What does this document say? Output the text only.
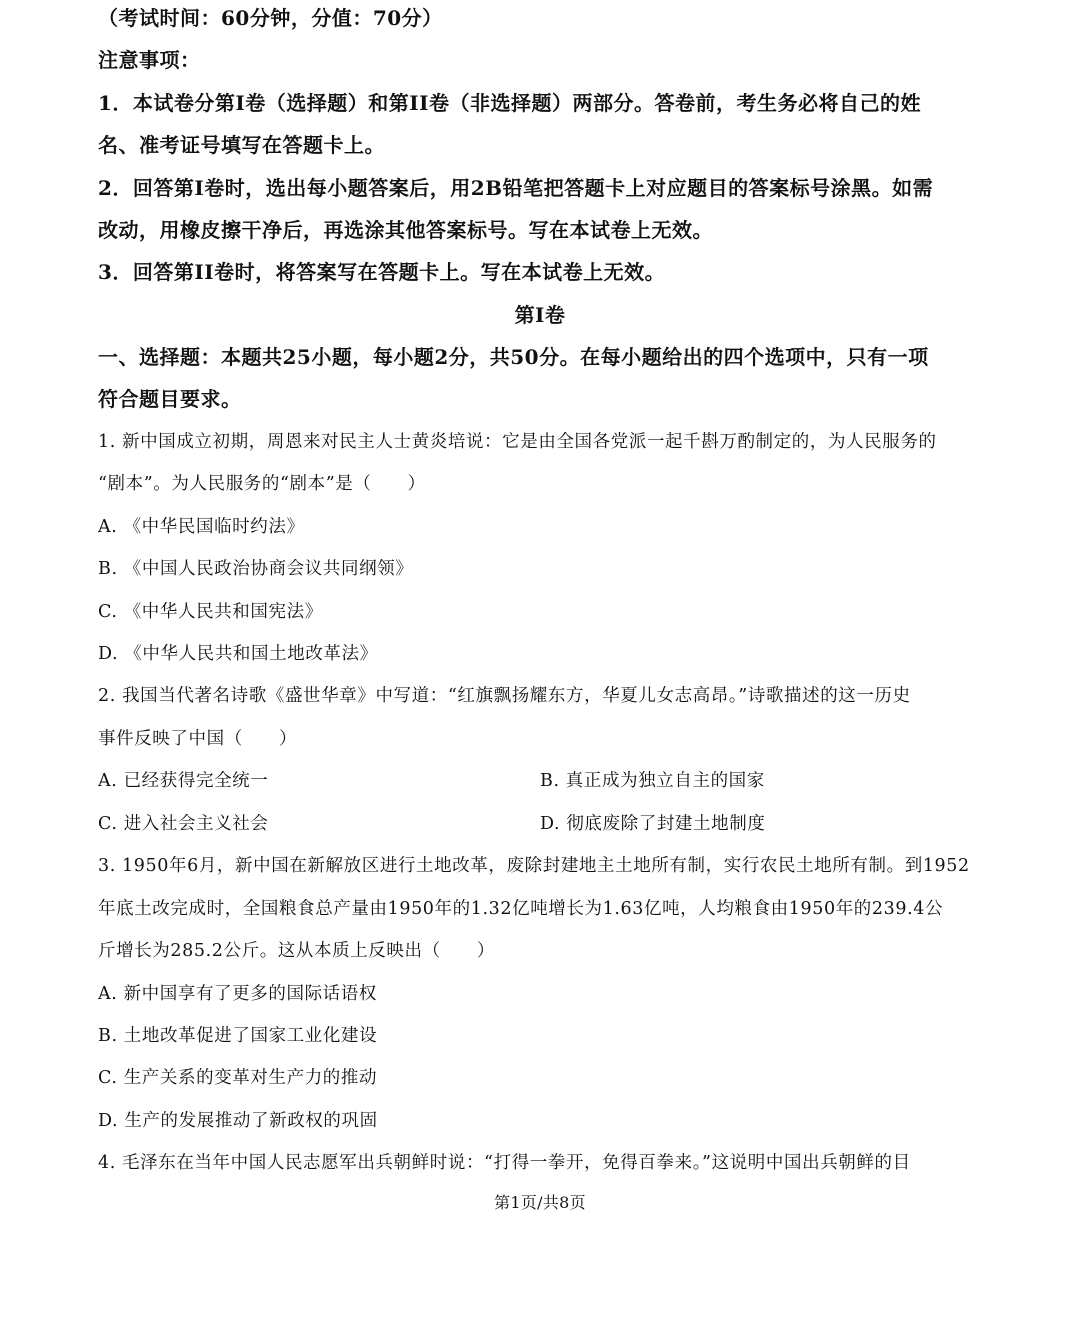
（考试时间：60分钟，分值：70分）
注意事项：
1．本试卷分第I卷（选择题）和第II卷（非选择题）两部分。答卷前，考生务必将自己的姓
名、准考证号填写在答题卡上。
2．回答第I卷时，选出每小题答案后，用2B铅笔把答题卡上对应题目的答案标号涂黑。如需
改动，用橡皮擦干净后，再选涂其他答案标号。写在本试卷上无效。
3．回答第II卷时，将答案写在答题卡上。写在本试卷上无效。
第I卷
一、选择题：本题共25小题，每小题2分，共50分。在每小题给出的四个选项中，只有一项
符合题目要求。
1. 新中国成立初期，周恩来对民主人士黄炎培说：它是由全国各党派一起千斟万酌制定的，为人民服务的
“剧本”。为人民服务的“剧本”是（　　）
A. 《中华民国临时约法》
B. 《中国人民政治协商会议共同纲领》
C. 《中华人民共和国宪法》
D. 《中华人民共和国土地改革法》
2. 我国当代著名诗歌《盛世华章》中写道：“红旗飘扬耀东方，华夏儿女志高昂。”诗歌描述的这一历史
事件反映了中国（　　）
A. 已经获得完全统一	B. 真正成为独立自主的国家
C. 进入社会主义社会	D. 彻底废除了封建土地制度
3. 1950年6月，新中国在新解放区进行土地改革，废除封建地主土地所有制，实行农民土地所有制。到1952
年底土改完成时，全国粮食总产量由1950年的1.32亿吨增长为1.63亿吨，人均粮食由1950年的239.4公
斤增长为285.2公斤。这从本质上反映出（　　）
A. 新中国享有了更多的国际话语权
B. 土地改革促进了国家工业化建设
C. 生产关系的变革对生产力的推动
D. 生产的发展推动了新政权的巩固
4. 毛泽东在当年中国人民志愿军出兵朝鲜时说：“打得一拳开，免得百拳来。”这说明中国出兵朝鲜的目
第1页/共8页
